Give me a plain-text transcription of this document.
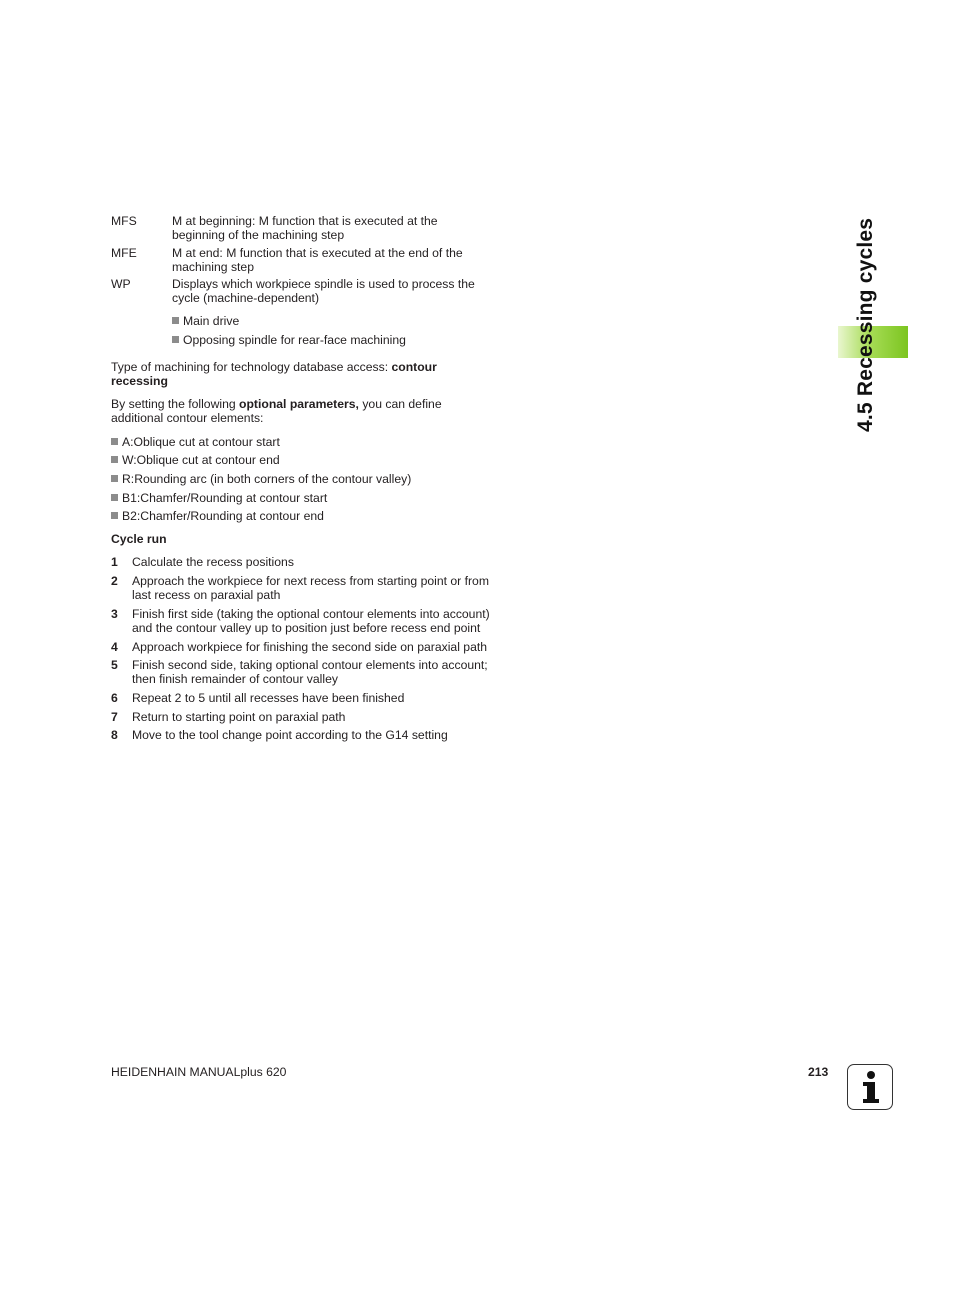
MFS	M at beginning: M function that is executed at the
beginning of the machining step
MFE	M at end: M function that is executed at the end of the
machining step
WP	Displays which workpiece spindle is used to process the
cycle (machine-dependent)
Main drive
Opposing spindle for rear-face machining
Type of machining for technology database access: contour
recessing
By setting the following optional parameters, you can define
additional contour elements:
A:Oblique cut at contour start
W:Oblique cut at contour end
R:Rounding arc (in both corners of the contour valley)
B1:Chamfer/Rounding at contour start
B2:Chamfer/Rounding at contour end
Cycle run
1 Calculate the recess positions
2 Approach the workpiece for next recess from starting point or from
last recess on paraxial path
3 Finish first side (taking the optional contour elements into account)
and the contour valley up to position just before recess end point
4 Approach workpiece for finishing the second side on paraxial path
5 Finish second side, taking optional contour elements into account;
then finish remainder of contour valley
6 Repeat 2 to 5 until all recesses have been finished
7 Return to starting point on paraxial path
8 Move to the tool change point according to the G14 setting
4.5 Recessing cycles
HEIDENHAIN MANUALplus 620	213
